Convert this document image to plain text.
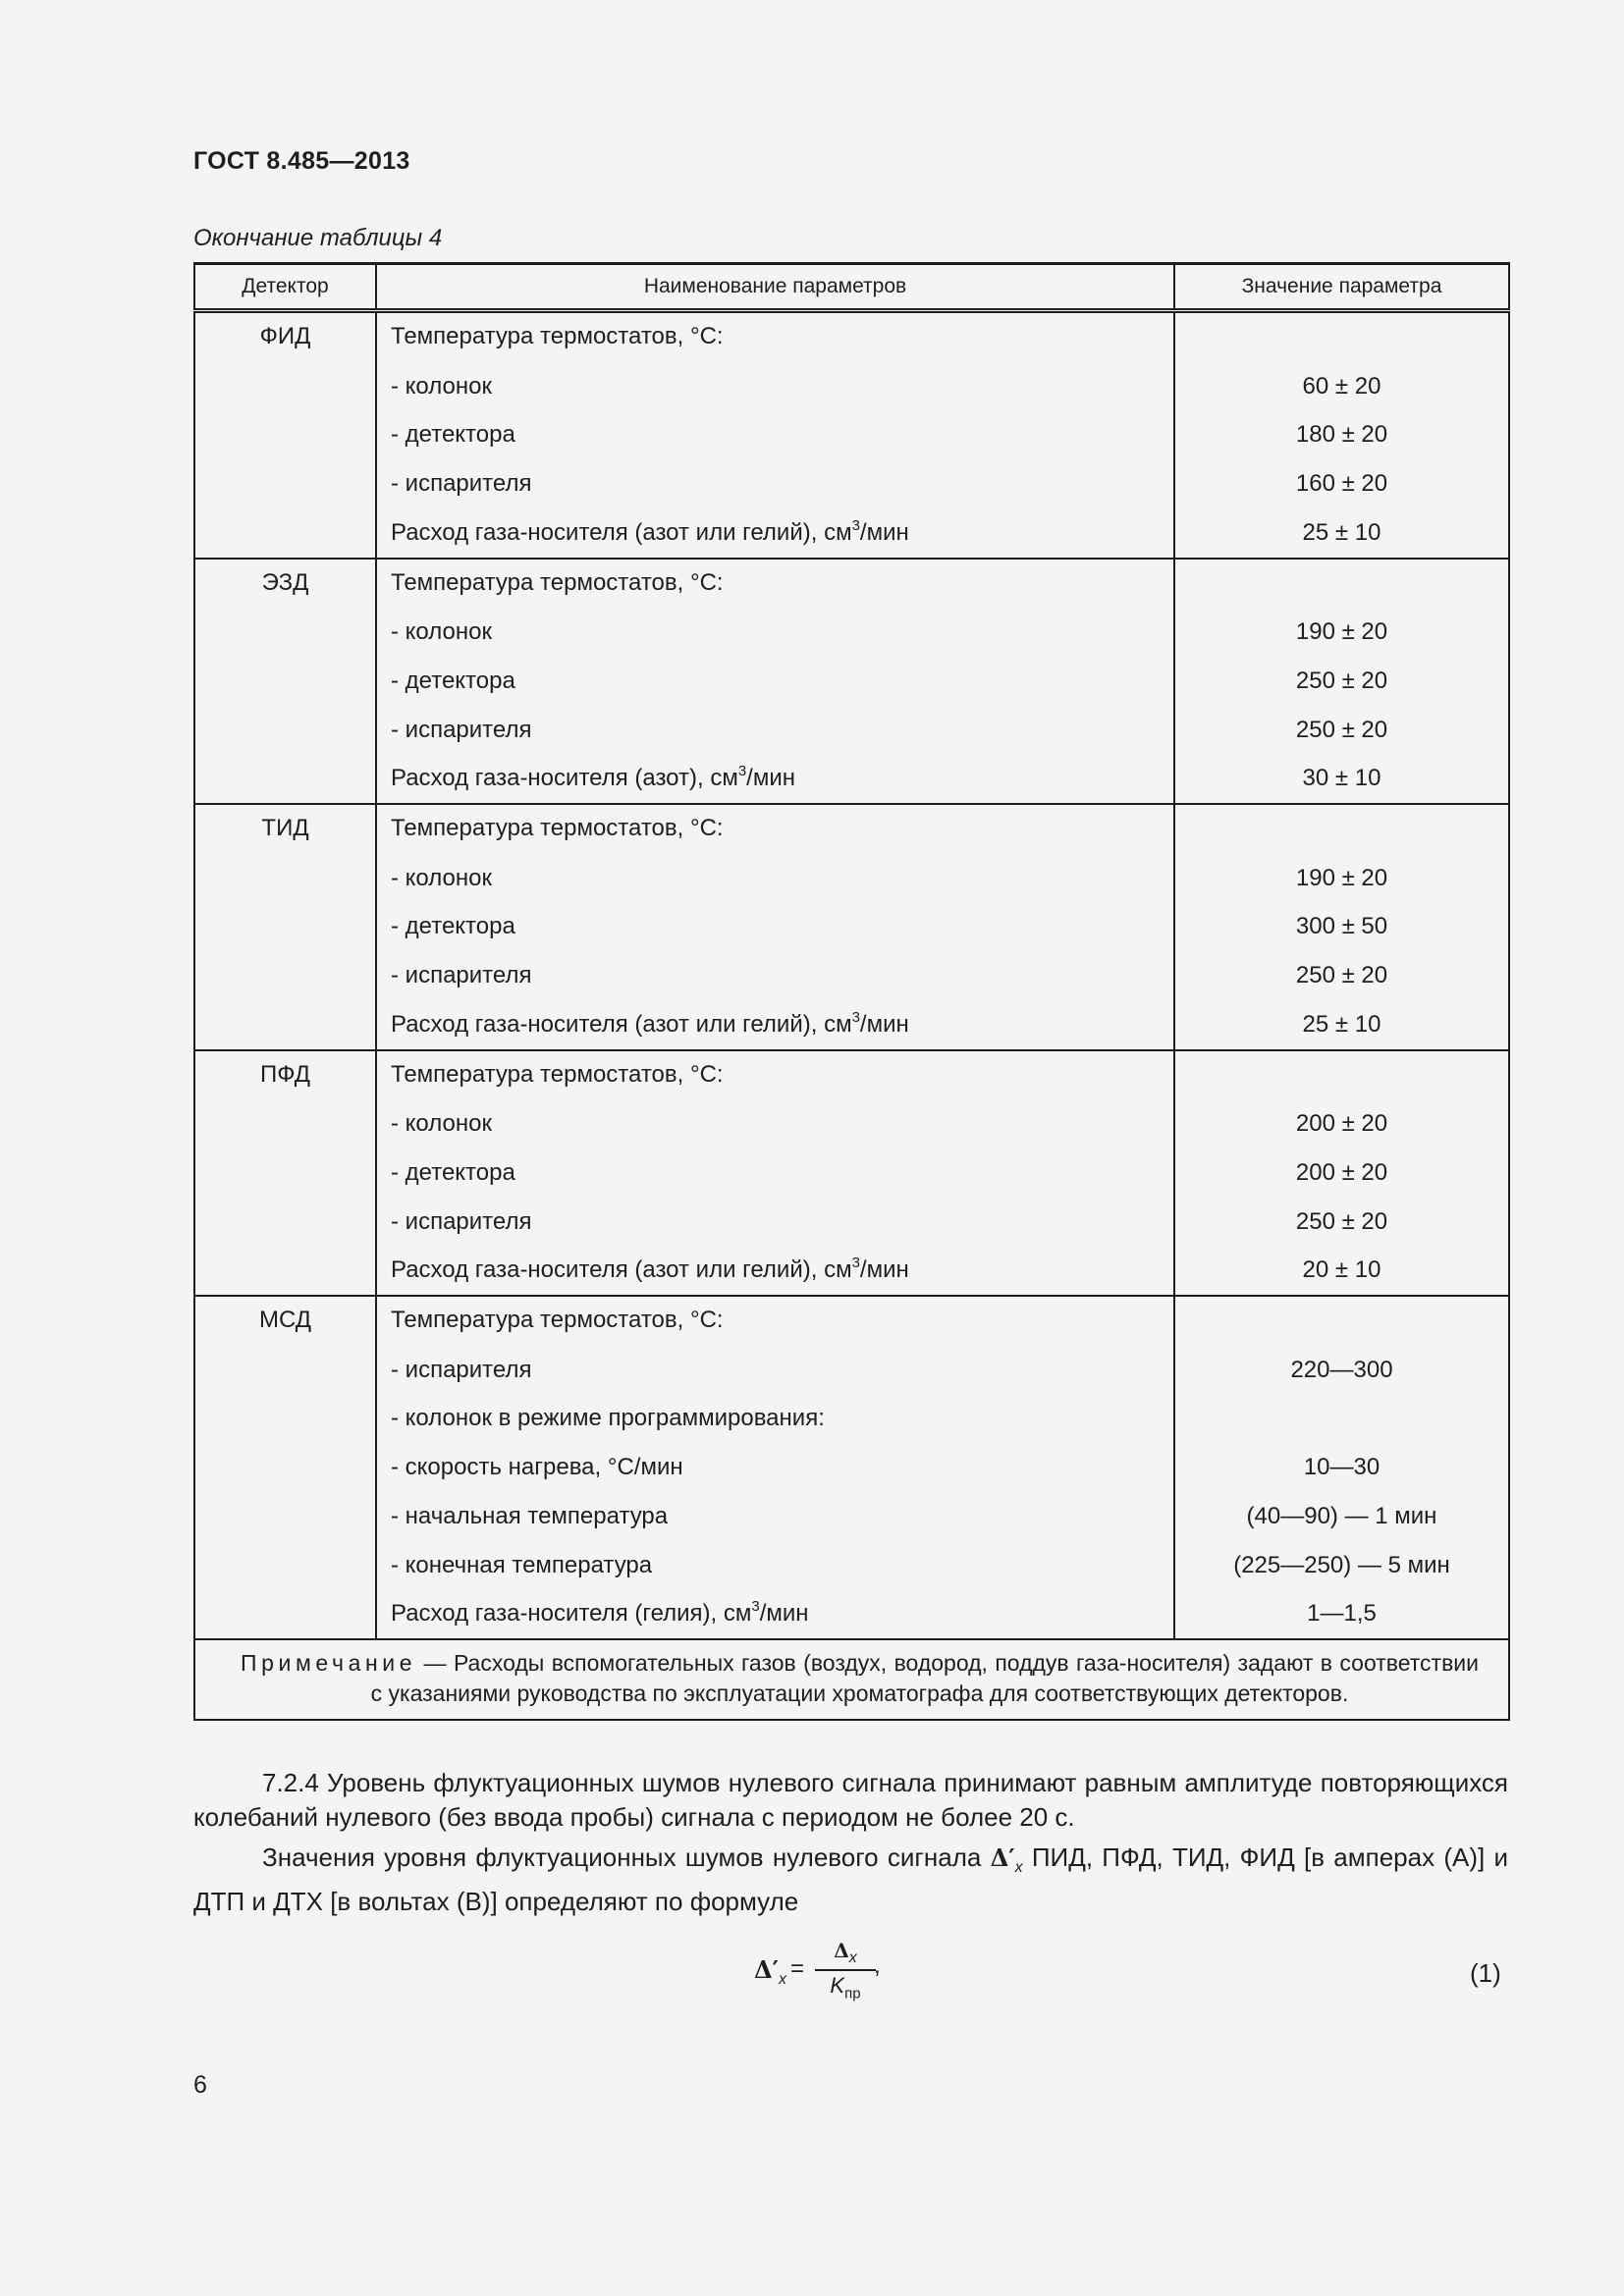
ГОСТ 8.485—2013
Окончание таблицы 4
Детектор	Наименование параметров	Значение параметра
ФИД	Температура термостатов, °С:	
	- колонок	60 ± 20
	- детектора	180 ± 20
	- испарителя	160 ± 20
	Расход газа-носителя (азот или гелий), $см^3$/мин	25 ± 10
ЭЗД	Температура термостатов, °С:	
	- колонок	190 ± 20
	- детектора	250 ± 20
	- испарителя	250 ± 20
	Расход газа-носителя (азот), $см^3$/мин	30 ± 10
ТИД	Температура термостатов, °С:	
	- колонок	190 ± 20
	- детектора	300 ± 50
	- испарителя	250 ± 20
	Расход газа-носителя (азот или гелий), $см^3$/мин	25 ± 10
ПФД	Температура термостатов, °С:	
	- колонок	200 ± 20
	- детектора	200 ± 20
	- испарителя	250 ± 20
	Расход газа-носителя (азот или гелий), $см^3$/мин	20 ± 10
МСД	Температура термостатов, °С:	
	- испарителя	220—300
	- колонок в режиме программирования:	
	- скорость нагрева, °С/мин	10—30
	- начальная температура	(40—90) — 1 мин
	- конечная температура	(225—250) — 5 мин
	Расход газа-носителя (гелия), $см^3$/мин	1—1,5
Примечание — Расходы вспомогательных газов (воздух, водород, поддув газа-носителя) задают в соответствии с указаниями руководства по эксплуатации хроматографа для соответствующих детекторов.		
7.2.4 Уровень флуктуационных шумов нулевого сигнала принимают равным амплитуде повторяющихся колебаний нулевого (без ввода пробы) сигнала с периодом не более 20 с.
Значения уровня флуктуационных шумов нулевого сигнала $\Delta'_x$ ПИД, ПФД, ТИД, ФИД [в амперах (А)] и ДТП и ДТХ [в вольтах (В)] определяют по формуле
$\Delta'_x$ =
$\Delta_x$
$K_{пр}$
,	(1)
6
